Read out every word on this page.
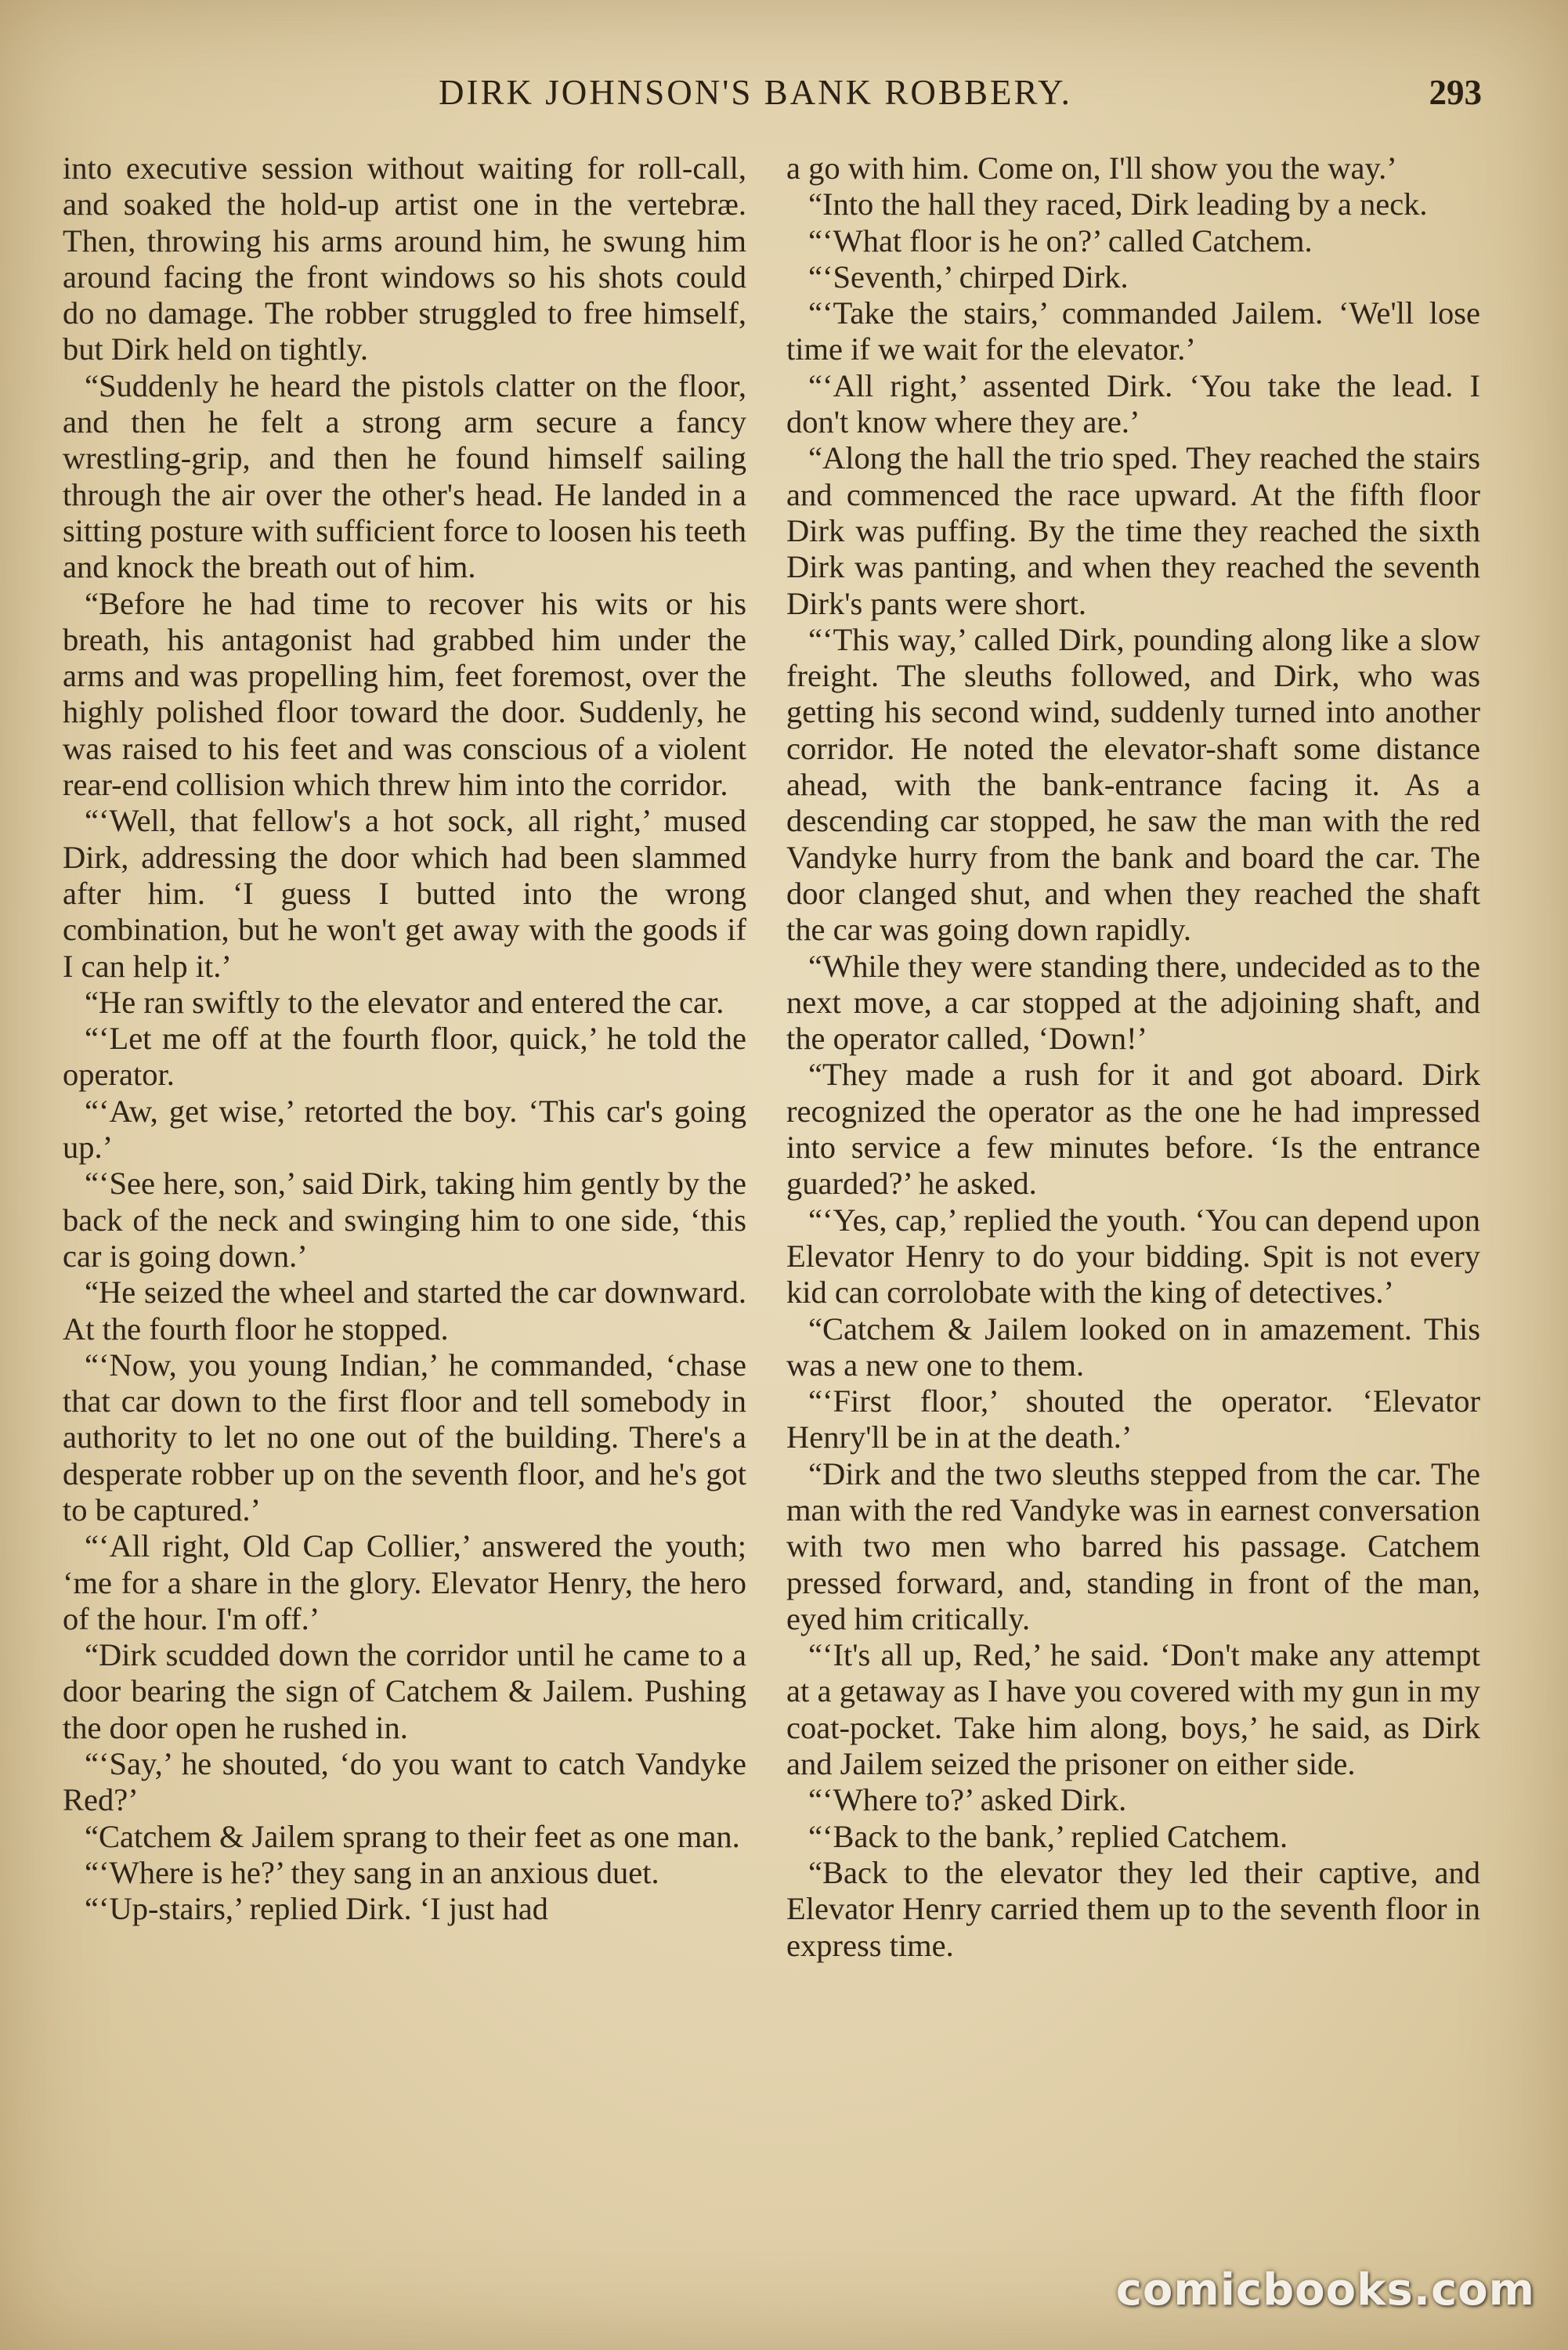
DIRK JOHNSON'S BANK ROBBERY.	293

into executive session without waiting for roll-call, and soaked the hold-up artist one in the vertebræ. Then, throwing his arms around him, he swung him around facing the front windows so his shots could do no damage. The robber struggled to free himself, but Dirk held on tightly.

“Suddenly he heard the pistols clatter on the floor, and then he felt a strong arm secure a fancy wrestling-grip, and then he found himself sailing through the air over the other's head. He landed in a sitting posture with sufficient force to loosen his teeth and knock the breath out of him.

“Before he had time to recover his wits or his breath, his antagonist had grabbed him under the arms and was propelling him, feet foremost, over the highly polished floor toward the door. Suddenly, he was raised to his feet and was conscious of a violent rear-end collision which threw him into the corridor.

“‘Well, that fellow's a hot sock, all right,’ mused Dirk, addressing the door which had been slammed after him. ‘I guess I butted into the wrong combination, but he won't get away with the goods if I can help it.’

“He ran swiftly to the elevator and entered the car.

“‘Let me off at the fourth floor, quick,’ he told the operator.

“‘Aw, get wise,’ retorted the boy. ‘This car's going up.’

“‘See here, son,’ said Dirk, taking him gently by the back of the neck and swinging him to one side, ‘this car is going down.’

“He seized the wheel and started the car downward. At the fourth floor he stopped.

“‘Now, you young Indian,’ he commanded, ‘chase that car down to the first floor and tell somebody in authority to let no one out of the building. There's a desperate robber up on the seventh floor, and he's got to be captured.’

“‘All right, Old Cap Collier,’ answered the youth; ‘me for a share in the glory. Elevator Henry, the hero of the hour. I'm off.’

“Dirk scudded down the corridor until he came to a door bearing the sign of Catchem & Jailem. Pushing the door open he rushed in.

“‘Say,’ he shouted, ‘do you want to catch Vandyke Red?’

“Catchem & Jailem sprang to their feet as one man.

“‘Where is he?’ they sang in an anxious duet.

“‘Up-stairs,’ replied Dirk. ‘I just had

a go with him. Come on, I'll show you the way.’

“Into the hall they raced, Dirk leading by a neck.

“‘What floor is he on?’ called Catchem.

“‘Seventh,’ chirped Dirk.

“‘Take the stairs,’ commanded Jailem. ‘We'll lose time if we wait for the elevator.’

“‘All right,’ assented Dirk. ‘You take the lead. I don't know where they are.’

“Along the hall the trio sped. They reached the stairs and commenced the race upward. At the fifth floor Dirk was puffing. By the time they reached the sixth Dirk was panting, and when they reached the seventh Dirk's pants were short.

“‘This way,’ called Dirk, pounding along like a slow freight. The sleuths followed, and Dirk, who was getting his second wind, suddenly turned into another corridor. He noted the elevator-shaft some distance ahead, with the bank-entrance facing it. As a descending car stopped, he saw the man with the red Vandyke hurry from the bank and board the car. The door clanged shut, and when they reached the shaft the car was going down rapidly.

“While they were standing there, undecided as to the next move, a car stopped at the adjoining shaft, and the operator called, ‘Down!’

“They made a rush for it and got aboard. Dirk recognized the operator as the one he had impressed into service a few minutes before. ‘Is the entrance guarded?’ he asked.

“‘Yes, cap,’ replied the youth. ‘You can depend upon Elevator Henry to do your bidding. Spit is not every kid can corrolobate with the king of detectives.’

“Catchem & Jailem looked on in amazement. This was a new one to them.

“‘First floor,’ shouted the operator. ‘Elevator Henry'll be in at the death.’

“Dirk and the two sleuths stepped from the car. The man with the red Vandyke was in earnest conversation with two men who barred his passage. Catchem pressed forward, and, standing in front of the man, eyed him critically.

“‘It's all up, Red,’ he said. ‘Don't make any attempt at a getaway as I have you covered with my gun in my coat-pocket. Take him along, boys,’ he said, as Dirk and Jailem seized the prisoner on either side.

“‘Where to?’ asked Dirk.

“‘Back to the bank,’ replied Catchem.

“Back to the elevator they led their captive, and Elevator Henry carried them up to the seventh floor in express time.

comicbooks.com
